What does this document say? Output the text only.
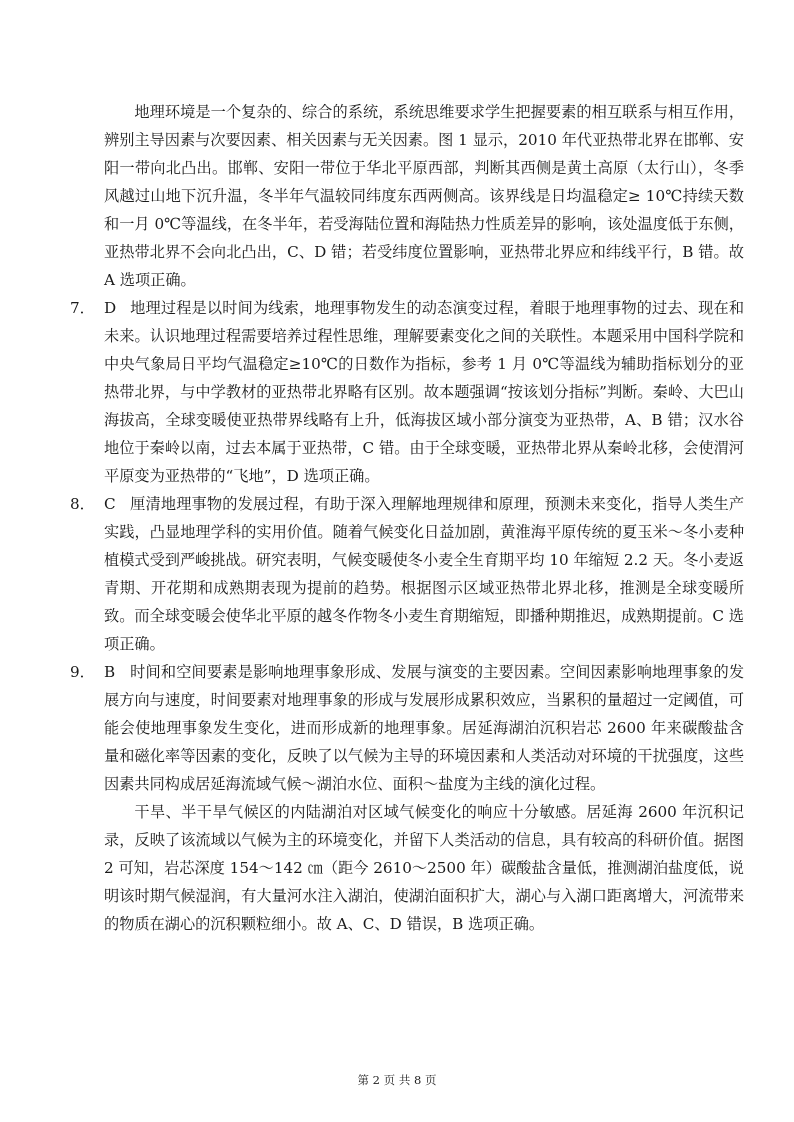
地理环境是一个复杂的、综合的系统，系统思维要求学生把握要素的相互联系与相互作用，辨别主导因素与次要因素、相关因素与无关因素。图 1 显示，2010 年代亚热带北界在邯郸、安阳一带向北凸出。邯郸、安阳一带位于华北平原西部，判断其西侧是黄土高原（太行山），冬季风越过山地下沉升温，冬半年气温较同纬度东西两侧高。该界线是日均温稳定≥ 10℃持续天数和一月 0℃等温线，在冬半年，若受海陆位置和海陆热力性质差异的影响，该处温度低于东侧，亚热带北界不会向北凸出，C、D 错；若受纬度位置影响，亚热带北界应和纬线平行，B 错。故 A 选项正确。

7． D 地理过程是以时间为线索，地理事物发生的动态演变过程，着眼于地理事物的过去、现在和未来。认识地理过程需要培养过程性思维，理解要素变化之间的关联性。本题采用中国科学院和中央气象局日平均气温稳定≥10℃的日数作为指标，参考 1 月 0℃等温线为辅助指标划分的亚热带北界，与中学教材的亚热带北界略有区别。故本题强调“按该划分指标”判断。秦岭、大巴山海拔高，全球变暖使亚热带界线略有上升，低海拔区域小部分演变为亚热带，A、B 错；汉水谷地位于秦岭以南，过去本属于亚热带，C 错。由于全球变暖，亚热带北界从秦岭北移，会使渭河平原变为亚热带的“飞地”，D 选项正确。

8． C 厘清地理事物的发展过程，有助于深入理解地理规律和原理，预测未来变化，指导人类生产实践，凸显地理学科的实用价值。随着气候变化日益加剧，黄淮海平原传统的夏玉米～冬小麦种植模式受到严峻挑战。研究表明，气候变暖使冬小麦全生育期平均 10 年缩短 2.2 天。冬小麦返青期、开花期和成熟期表现为提前的趋势。根据图示区域亚热带北界北移，推测是全球变暖所致。而全球变暖会使华北平原的越冬作物冬小麦生育期缩短，即播种期推迟，成熟期提前。C 选项正确。

9． B 时间和空间要素是影响地理事象形成、发展与演变的主要因素。空间因素影响地理事象的发展方向与速度，时间要素对地理事象的形成与发展形成累积效应，当累积的量超过一定阈值，可能会使地理事象发生变化，进而形成新的地理事象。居延海湖泊沉积岩芯 2600 年来碳酸盐含量和磁化率等因素的变化，反映了以气候为主导的环境因素和人类活动对环境的干扰强度，这些因素共同构成居延海流域气候～湖泊水位、面积～盐度为主线的演化过程。

干旱、半干旱气候区的内陆湖泊对区域气候变化的响应十分敏感。居延海 2600 年沉积记录，反映了该流域以气候为主的环境变化，并留下人类活动的信息，具有较高的科研价值。据图 2 可知，岩芯深度 154～142 ㎝（距今 2610～2500 年）碳酸盐含量低，推测湖泊盐度低，说明该时期气候湿润，有大量河水注入湖泊，使湖泊面积扩大，湖心与入湖口距离增大，河流带来的物质在湖心的沉积颗粒细小。故 A、C、D 错误，B 选项正确。

第 2 页 共 8 页
